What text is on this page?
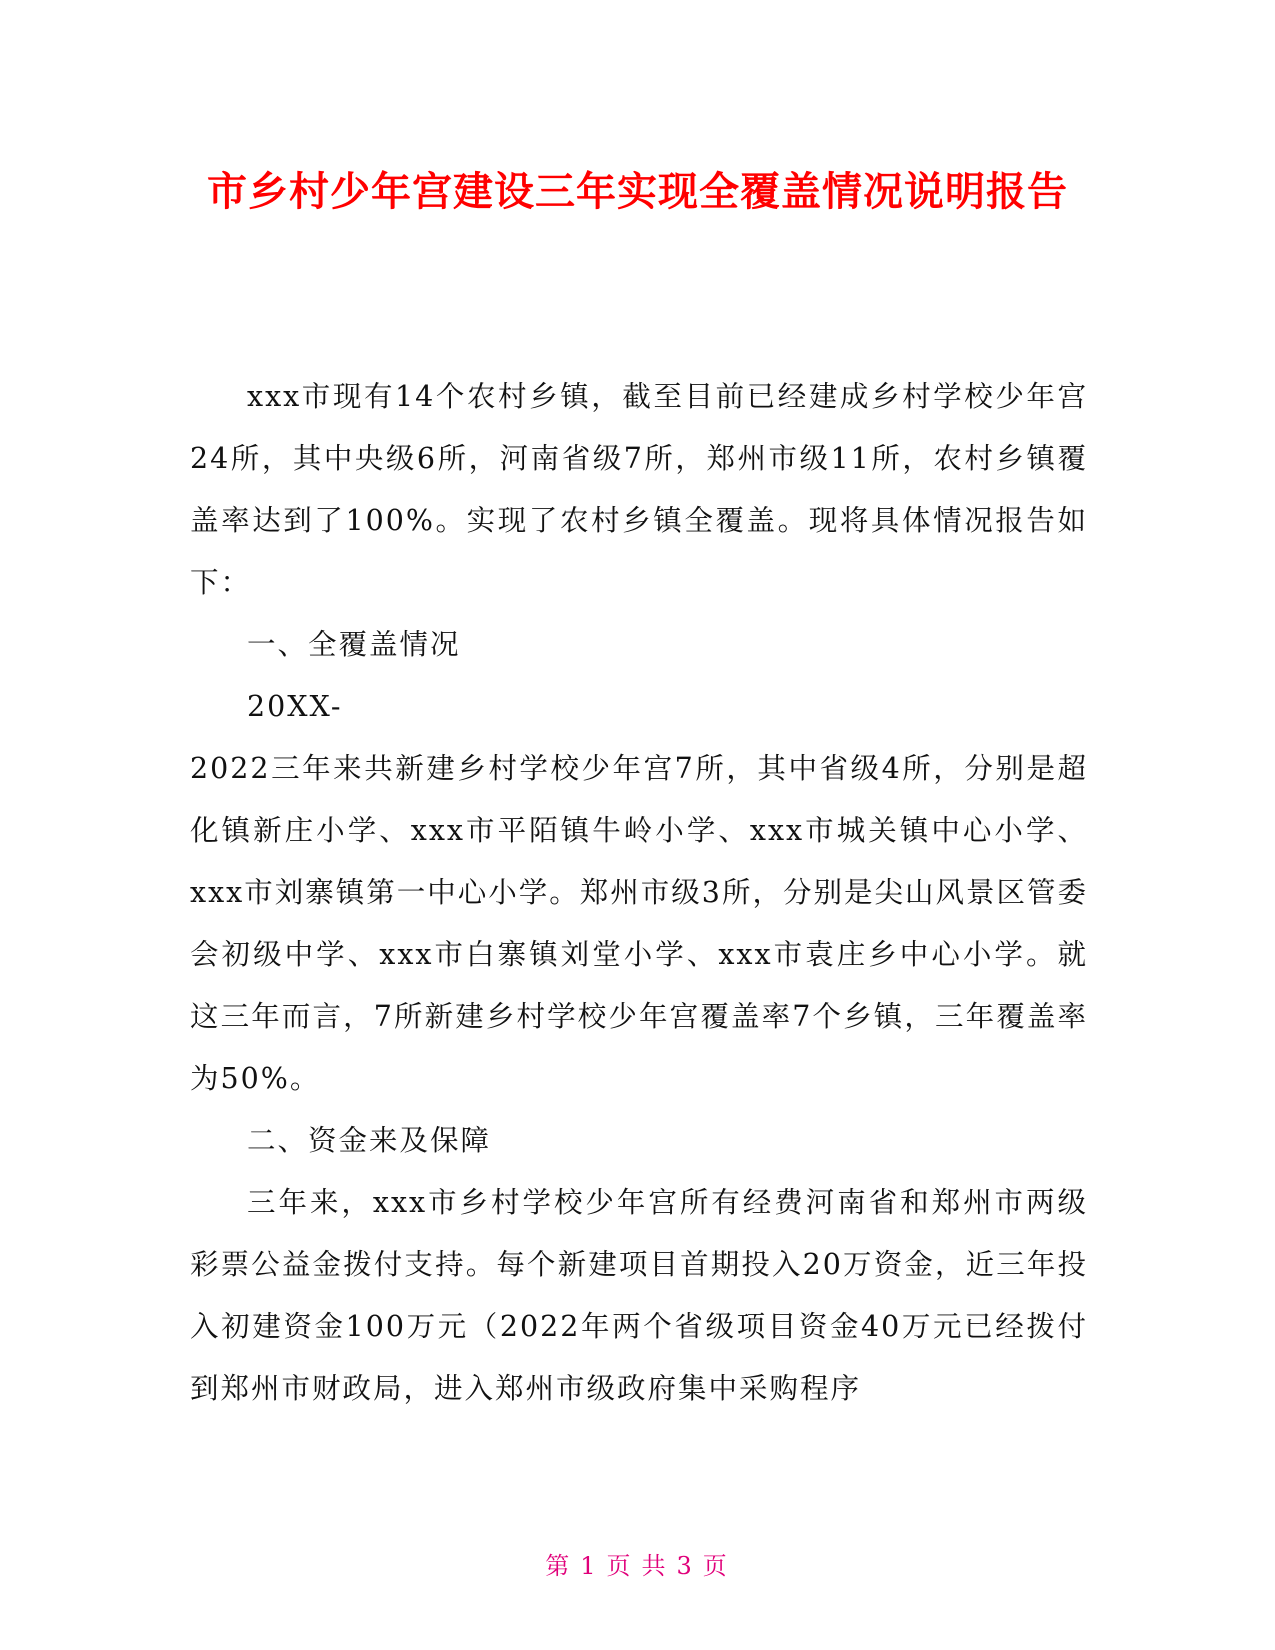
市乡村少年宫建设三年实现全覆盖情况说明报告

xxx市现有14个农村乡镇，截至目前已经建成乡村学校少年宫24所，其中央级6所，河南省级7所，郑州市级11所，农村乡镇覆盖率达到了100%。实现了农村乡镇全覆盖。现将具体情况报告如下：

一、全覆盖情况

20XX-

2022三年来共新建乡村学校少年宫7所，其中省级4所，分别是超化镇新庄小学、xxx市平陌镇牛岭小学、xxx市城关镇中心小学、xxx市刘寨镇第一中心小学。郑州市级3所，分别是尖山风景区管委会初级中学、xxx市白寨镇刘堂小学、xxx市袁庄乡中心小学。就这三年而言，7所新建乡村学校少年宫覆盖率7个乡镇，三年覆盖率为50%。

二、资金来及保障

三年来，xxx市乡村学校少年宫所有经费河南省和郑州市两级彩票公益金拨付支持。每个新建项目首期投入20万资金，近三年投入初建资金100万元（2022年两个省级项目资金40万元已经拨付到郑州市财政局，进入郑州市级政府集中采购程序

第 1 页 共 3 页
